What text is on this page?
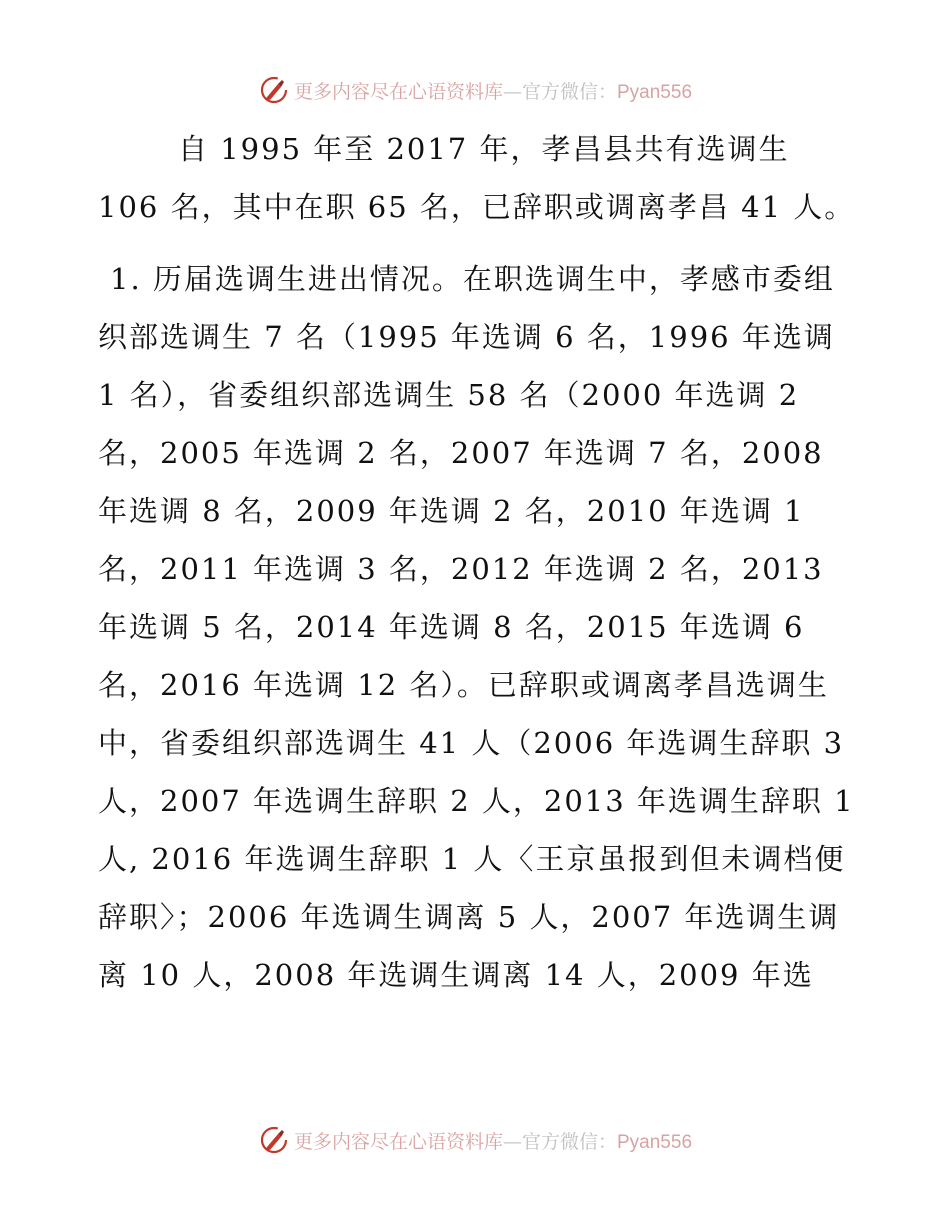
更多内容尽在心语资料库—官方微信：Pyan556

自 1995 年至 2017 年，孝昌县共有选调生 106 名，其中在职 65 名，已辞职或调离孝昌 41 人。

1. 历届选调生进出情况。在职选调生中，孝感市委组织部选调生 7 名（1995 年选调 6 名，1996 年选调 1 名），省委组织部选调生 58 名（2000 年选调 2 名，2005 年选调 2 名，2007 年选调 7 名，2008 年选调 8 名，2009 年选调 2 名，2010 年选调 1 名，2011 年选调 3 名，2012 年选调 2 名，2013 年选调 5 名，2014 年选调 8 名，2015 年选调 6 名，2016 年选调 12 名）。已辞职或调离孝昌选调生中，省委组织部选调生 41 人（2006 年选调生辞职 3 人，2007 年选调生辞职 2 人，2013 年选调生辞职 1 人, 2016 年选调生辞职 1 人〈王京虽报到但未调档便辞职〉；2006 年选调生调离 5 人，2007 年选调生调离 10 人，2008 年选调生调离 14 人，2009 年选

更多内容尽在心语资料库—官方微信：Pyan556
